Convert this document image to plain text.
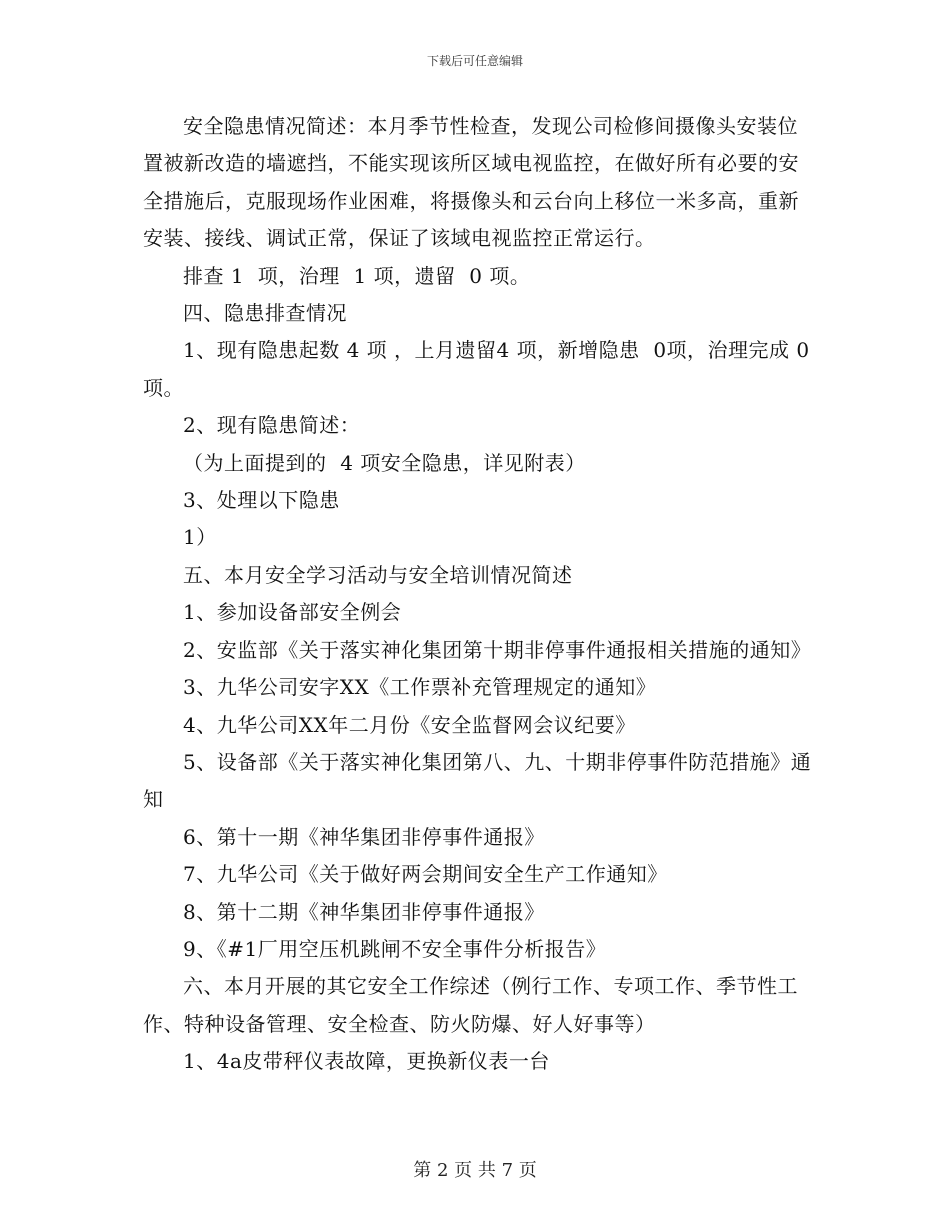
下载后可任意编辑

安全隐患情况简述：本月季节性检查，发现公司检修间摄像头安装位置被新改造的墙遮挡，不能实现该所区域电视监控，在做好所有必要的安全措施后，克服现场作业困难，将摄像头和云台向上移位一米多高，重新安装、接线、调试正常，保证了该域电视监控正常运行。

排查 1  项，治理  1 项，遗留  0 项。

四、隐患排查情况

1、现有隐患起数 4 项 ，上月遗留4 项，新增隐患  0项，治理完成 0    项。

2、现有隐患简述：

（为上面提到的  4 项安全隐患，详见附表）

3、处理以下隐患

1）

五、本月安全学习活动与安全培训情况简述

1、参加设备部安全例会

2、安监部《关于落实神化集团第十期非停事件通报相关措施的通知》

3、九华公司安字XX《工作票补充管理规定的通知》

4、九华公司XX年二月份《安全监督网会议纪要》

5、设备部《关于落实神化集团第八、九、十期非停事件防范措施》通知

6、第十一期《神华集团非停事件通报》

7、九华公司《关于做好两会期间安全生产工作通知》

8、第十二期《神华集团非停事件通报》

9、《#1厂用空压机跳闸不安全事件分析报告》

六、本月开展的其它安全工作综述（例行工作、专项工作、季节性工作、特种设备管理、安全检查、防火防爆、好人好事等）

1、4a皮带秤仪表故障，更换新仪表一台

第 2 页 共 7 页
